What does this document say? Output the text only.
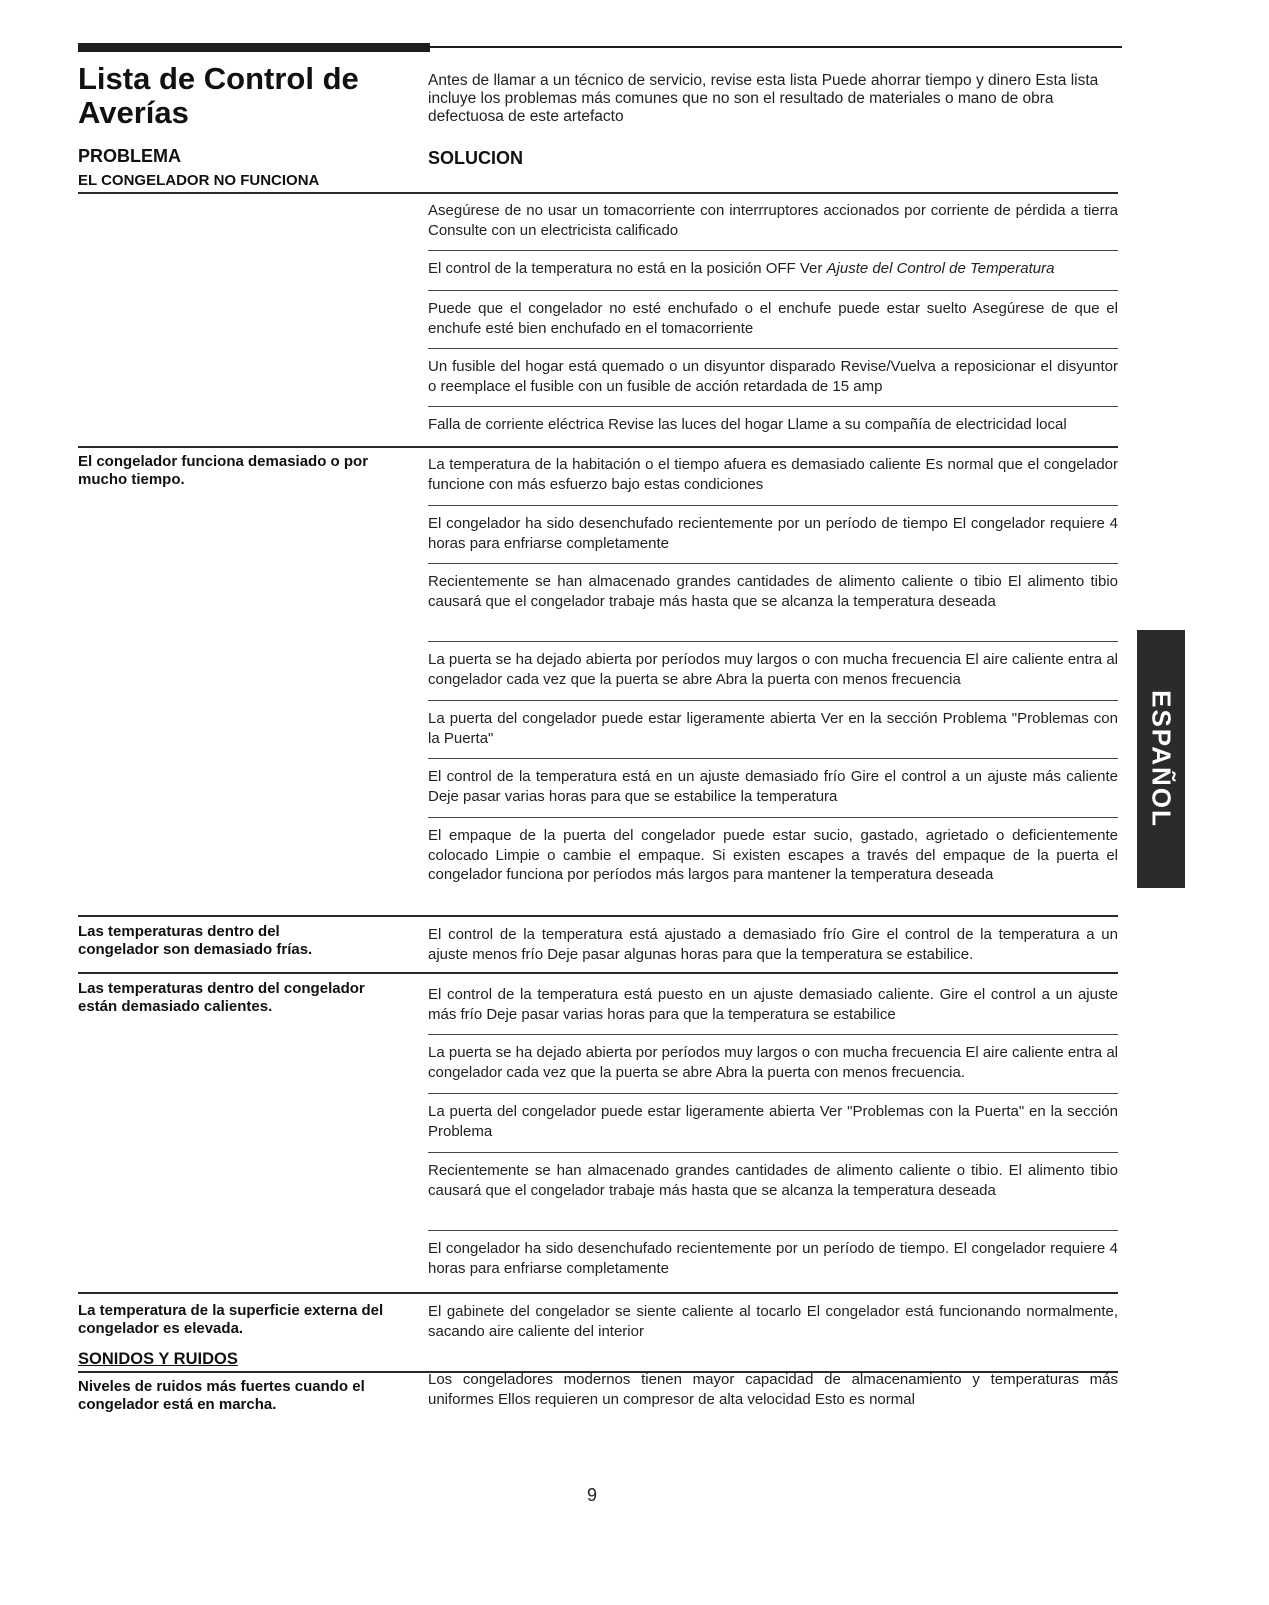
Lista de Control de Averías
Antes de llamar a un técnico de servicio, revise esta lista Puede ahorrar tiempo y dinero Esta lista incluye los problemas más comunes que no son el resultado de materiales o mano de obra defectuosa de este artefacto
PROBLEMA	SOLUCION
EL CONGELADOR NO FUNCIONA
Asegúrese de no usar un tomacorriente con interrruptores accionados por corriente de pérdida a tierra Consulte con un electricista calificado
El control de la temperatura no está en la posición OFF Ver Ajuste del Control de Temperatura
Puede que el congelador no esté enchufado o el enchufe puede estar suelto Asegúrese de que el enchufe esté bien enchufado en el tomacorriente
Un fusible del hogar está quemado o un disyuntor disparado Revise/Vuelva a reposicionar el disyuntor o reemplace el fusible con un fusible de acción retardada de 15 amp
Falla de corriente eléctrica Revise las luces del hogar Llame a su compañía de electricidad local
El congelador funciona demasiado o por mucho tiempo.
La temperatura de la habitación o el tiempo afuera es demasiado caliente Es normal que el congelador funcione con más esfuerzo bajo estas condiciones
El congelador ha sido desenchufado recientemente por un período de tiempo El congelador requiere 4 horas para enfriarse completamente
Recientemente se han almacenado grandes cantidades de alimento caliente o tibio El alimento tibio causará que el congelador trabaje más hasta que se alcanza la temperatura deseada
La puerta se ha dejado abierta por períodos muy largos o con mucha frecuencia El aire caliente entra al congelador cada vez que la puerta se abre Abra la puerta con menos frecuencia
La puerta del congelador puede estar ligeramente abierta Ver en la sección Problema "Problemas con la Puerta"
El control de la temperatura está en un ajuste demasiado frío Gire el control a un ajuste más caliente Deje pasar varias horas para que se estabilice la temperatura
El empaque de la puerta del congelador puede estar sucio, gastado, agrietado o deficientemente colocado Limpie o cambie el empaque. Si existen escapes a través del empaque de la puerta el congelador funciona por períodos más largos para mantener la temperatura deseada
Las temperaturas dentro del congelador son demasiado frías.
El control de la temperatura está ajustado a demasiado frío Gire el control de la temperatura a un ajuste menos frío Deje pasar algunas horas para que la temperatura se estabilice.
Las temperaturas dentro del congelador están demasiado calientes.
El control de la temperatura está puesto en un ajuste demasiado caliente. Gire el control a un ajuste más frío Deje pasar varias horas para que la temperatura se estabilice
La puerta se ha dejado abierta por períodos muy largos o con mucha frecuencia El aire caliente entra al congelador cada vez que la puerta se abre Abra la puerta con menos frecuencia.
La puerta del congelador puede estar ligeramente abierta Ver "Problemas con la Puerta" en la sección Problema
Recientemente se han almacenado grandes cantidades de alimento caliente o tibio. El alimento tibio causará que el congelador trabaje más hasta que se alcanza la temperatura deseada
El congelador ha sido desenchufado recientemente por un período de tiempo. El congelador requiere 4 horas para enfriarse completamente
La temperatura de la superficie externa del congelador es elevada.
El gabinete del congelador se siente caliente al tocarlo El congelador está funcionando normalmente, sacando aire caliente del interior
SONIDOS Y RUIDOS
Niveles de ruidos más fuertes cuando el congelador está en marcha.
Los congeladores modernos tienen mayor capacidad de almacenamiento y temperaturas más uniformes Ellos requieren un compresor de alta velocidad Esto es normal
ESPAÑOL
9
